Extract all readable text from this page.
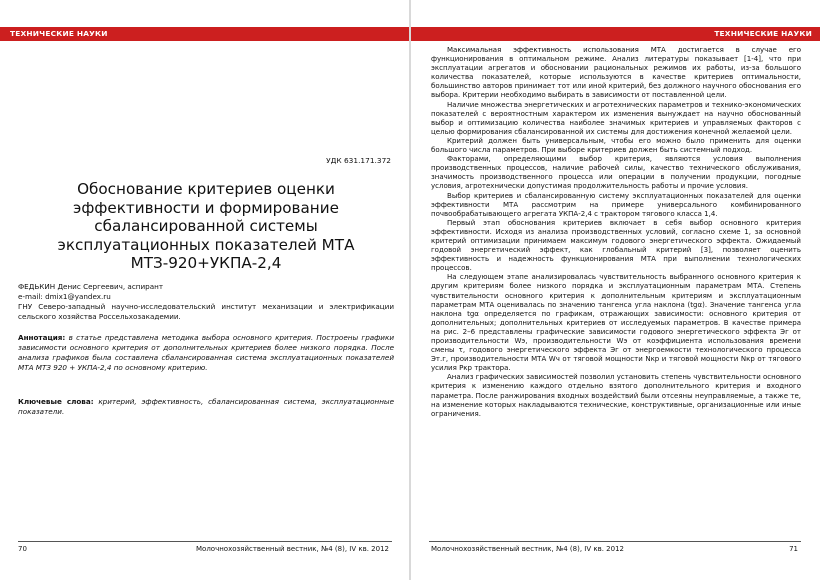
ТЕХНИЧЕСКИЕ НАУКИ
УДК 631.171.372
Обоснование критериев оценки эффективности и формирование сбалансированной системы эксплуатационных показателей МТА МТЗ-920+УКПА-2,4
ФЕДЬКИН Денис Сергеевич, аспирант
e-mail: dmix1@yandex.ru
ГНУ Северо-западный научно-исследовательский институт механизации и электрификации сельского хозяйства Россельхозакадемии.
Аннотация: в статье представлена методика выбора основного критерия. Построены графики зависимости основного критерия от дополнительных критериев более низкого порядка. После анализа графиков была составлена сбалансированная система эксплуатационных показателей МТА МТЗ 920 + УКПА-2,4 по основному критерию.
Ключевые слова: критерий, эффективность, сбалансированная система, эксплуатационные показатели.
70	Молочнохозяйственный вестник, №4 (8), IV кв. 2012
ТЕХНИЧЕСКИЕ НАУКИ

Максимальная эффективность использования МТА достигается в случае его функционирования в оптимальном режиме. Анализ литературы показывает [1-4], что при эксплуатации агрегатов и обосновании рациональных режимов их работы, из-за большого количества показателей, которые используются в качестве критериев оптимальности, большинство авторов принимает тот или иной критерий, без должного научного обоснования его выбора. Критерии необходимо выбирать в зависимости от поставленной цели.

Наличие множества энергетических и агротехнических параметров и технико-экономических показателей с вероятностным характером их изменения вынуждает на научно обоснованный выбор и оптимизацию количества наиболее значимых критериев и управляемых факторов с целью формирования сбалансированной их системы для достижения конечной желаемой цели.

Критерий должен быть универсальным, чтобы его можно было применить для оценки большого числа параметров. При выборе критериев должен быть системный подход.

Факторами, определяющими выбор критерия, являются условия выполнения производственных процессов, наличие рабочей силы, качество технического обслуживания, значимость производственного процесса или операции в получении продукции, погодные условия, агротехнически допустимая продолжительность работы и прочие условия.

Выбор критериев и сбалансированную систему эксплуатационных показателей для оценки эффективности МТА рассмотрим на примере универсального комбинированного почвообрабатывающего агрегата УКПА-2,4 с трактором тягового класса 1,4.

Первый этап обоснования критериев включает в себя выбор основного критерия эффективности. Исходя из анализа производственных условий, согласно схеме 1, за основной критерий оптимизации принимаем максимум годового энергетического эффекта. Ожидаемый годовой энергетический эффект, как глобальный критерий [3], позволяет оценить эффективность и надежность функционирования МТА при выполнении технологических процессов.

На следующем этапе анализировалась чувствительность выбранного основного критерия к другим критериям более низкого порядка и эксплуатационным параметрам МТА. Степень чувствительности основного критерия к дополнительным критериям и эксплуатационным параметрам МТА оценивалась по значению тангенса угла наклона (tgα). Значение тангенса угла наклона tgα определяется по графикам, отражающих зависимости: основного критерия от дополнительных; дополнительных критериев от исследуемых параметров. В качестве примера на рис. 2–6 представлены графические зависимости годового энергетического эффекта Эг от производительности Wэ, производительности Wэ от коэффициента использования времени смены τ, годового энергетического эффекта Эг от энергоемкости технологического процесса Эт.г, производительности МТА Wч от тяговой мощности Nкр и тяговой мощности Nкр от тягового усилия Ркр трактора.

Анализ графических зависимостей позволил установить степень чувствительности основного критерия к изменению каждого отдельно взятого дополнительного критерия и входного параметра. После ранжирования входных воздействий были отсеяны неуправляемые, а также те, на изменение которых накладываются технические, конструктивные, организационные или иные ограничения.

Молочнохозяйственный вестник, №4 (8), IV кв. 2012	71
